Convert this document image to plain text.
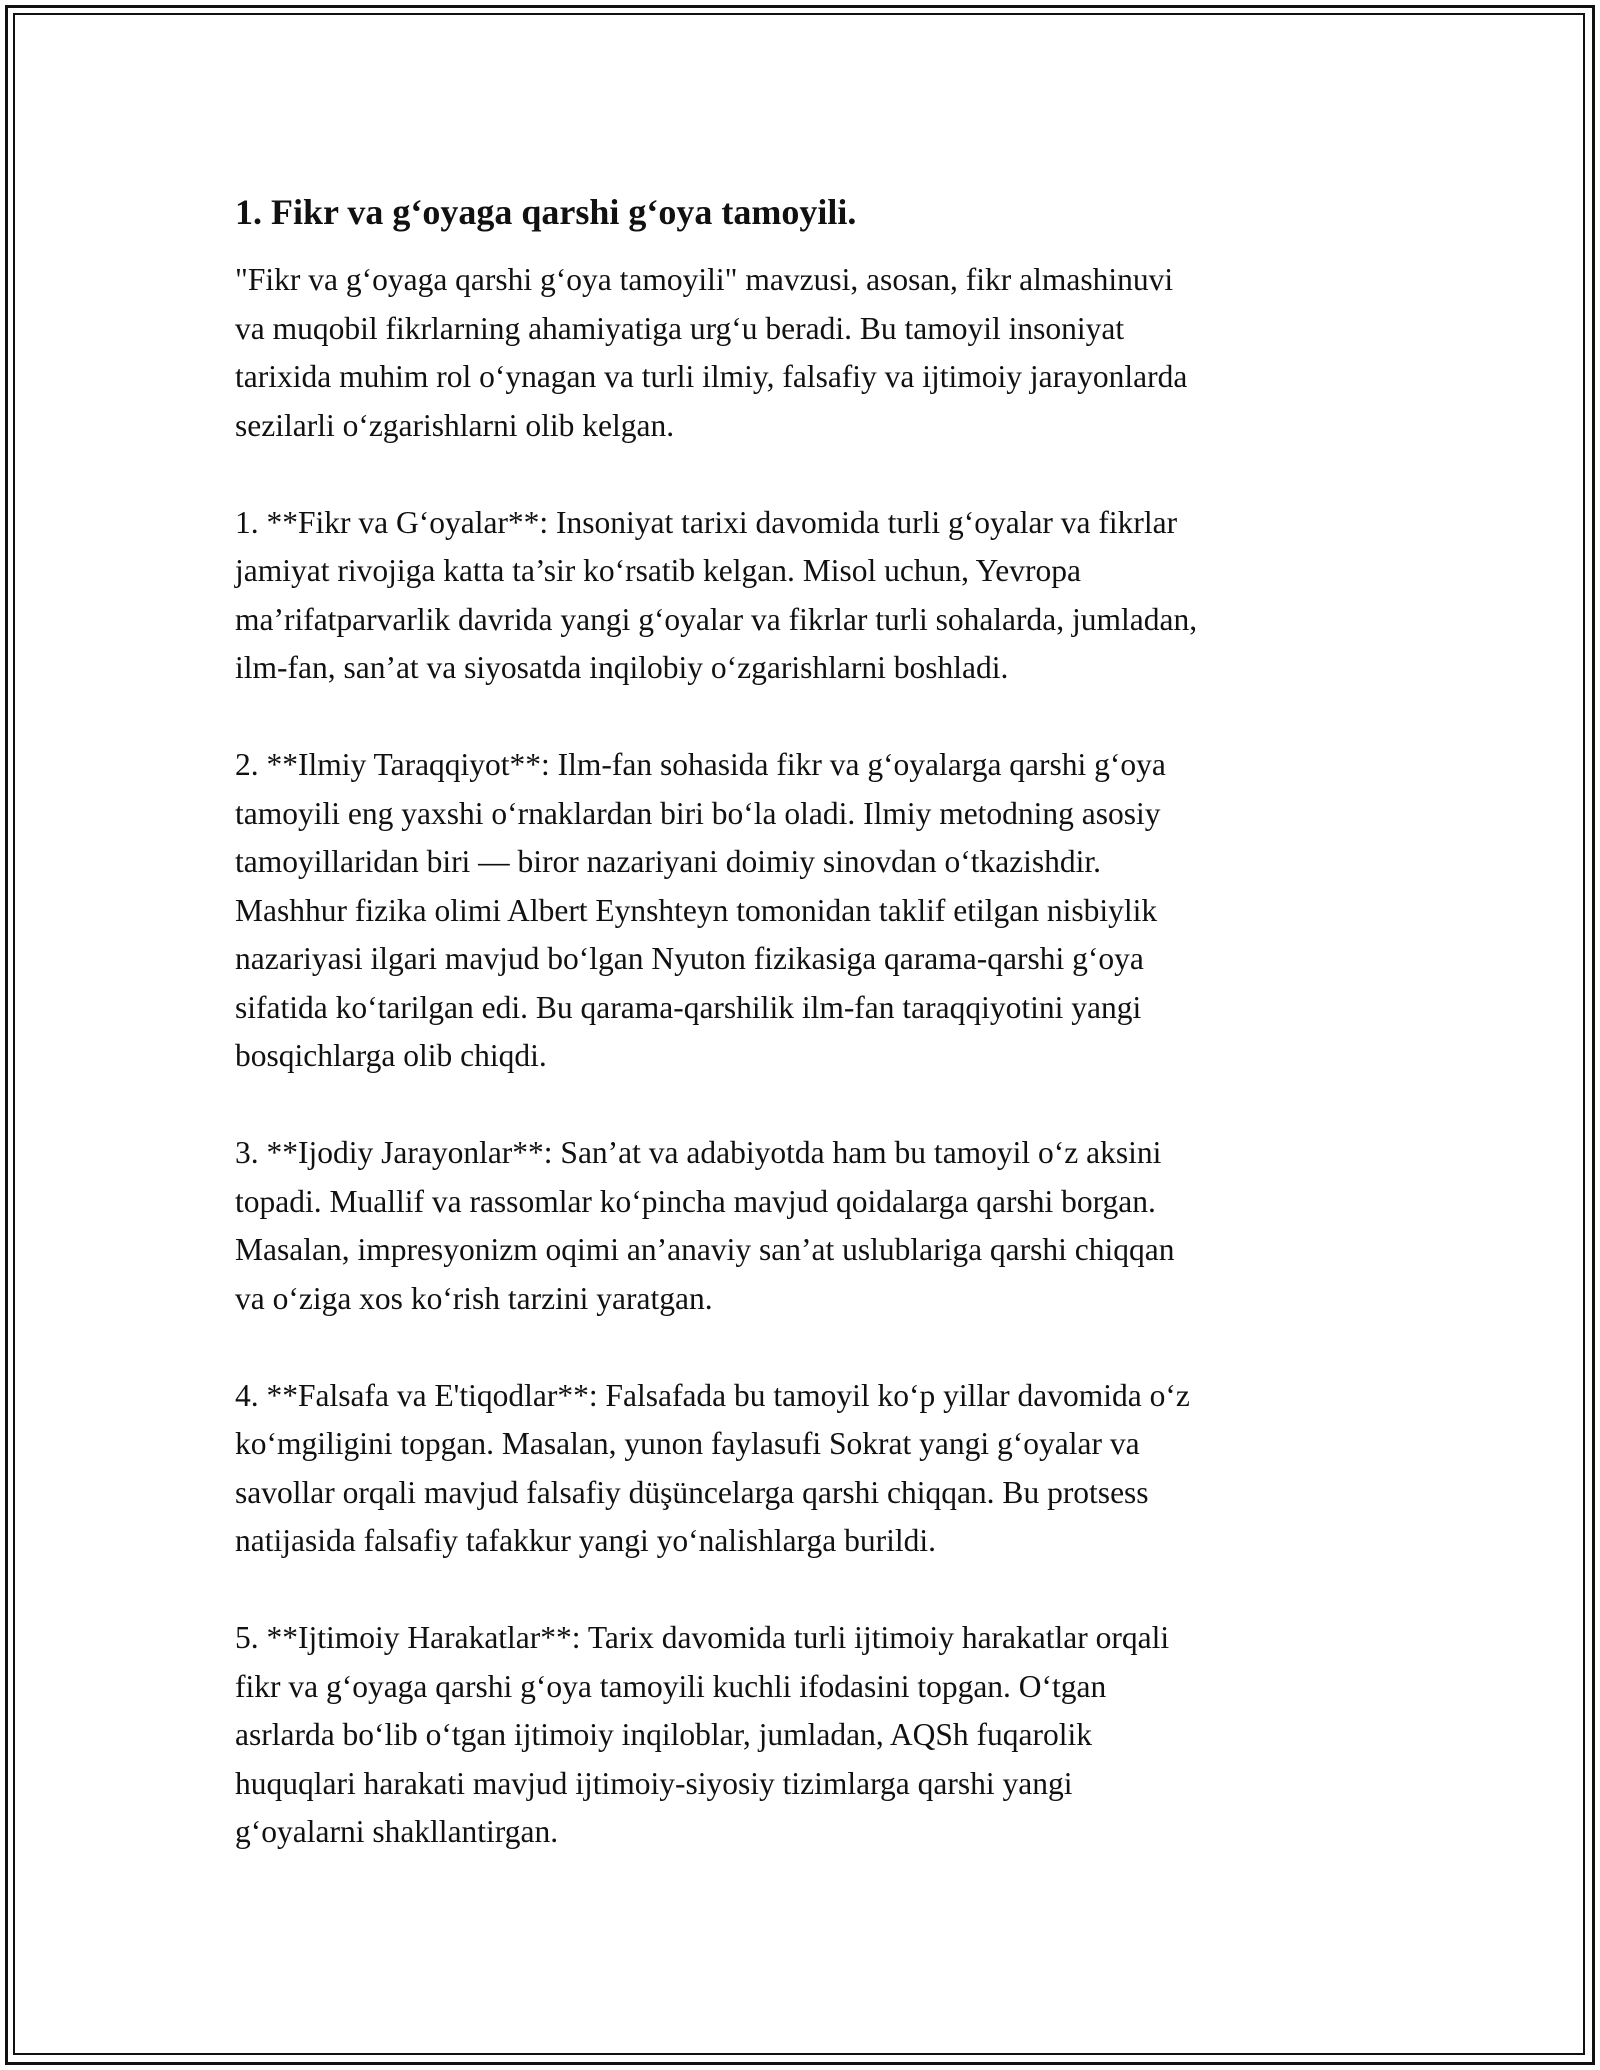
1. Fikr va g‘oyaga qarshi g‘oya tamoyili.

"Fikr va g‘oyaga qarshi g‘oya tamoyili" mavzusi, asosan, fikr almashinuvi
va muqobil fikrlarning ahamiyatiga urg‘u beradi. Bu tamoyil insoniyat
tarixida muhim rol o‘ynagan va turli ilmiy, falsafiy va ijtimoiy jarayonlarda
sezilarli o‘zgarishlarni olib kelgan.

1. **Fikr va G‘oyalar**: Insoniyat tarixi davomida turli g‘oyalar va fikrlar
jamiyat rivojiga katta ta’sir ko‘rsatib kelgan. Misol uchun, Yevropa
ma’rifatparvarlik davrida yangi g‘oyalar va fikrlar turli sohalarda, jumladan,
ilm-fan, san’at va siyosatda inqilobiy o‘zgarishlarni boshladi.

2. **Ilmiy Taraqqiyot**: Ilm-fan sohasida fikr va g‘oyalarga qarshi g‘oya
tamoyili eng yaxshi o‘rnaklardan biri bo‘la oladi. Ilmiy metodning asosiy
tamoyillaridan biri — biror nazariyani doimiy sinovdan o‘tkazishdir.
Mashhur fizika olimi Albert Eynshteyn tomonidan taklif etilgan nisbiylik
nazariyasi ilgari mavjud bo‘lgan Nyuton fizikasiga qarama-qarshi g‘oya
sifatida ko‘tarilgan edi. Bu qarama-qarshilik ilm-fan taraqqiyotini yangi
bosqichlarga olib chiqdi.

3. **Ijodiy Jarayonlar**: San’at va adabiyotda ham bu tamoyil o‘z aksini
topadi. Muallif va rassomlar ko‘pincha mavjud qoidalarga qarshi borgan.
Masalan, impresyonizm oqimi an’anaviy san’at uslublariga qarshi chiqqan
va o‘ziga xos ko‘rish tarzini yaratgan.

4. **Falsafa va E'tiqodlar**: Falsafada bu tamoyil ko‘p yillar davomida o‘z
ko‘mgiligini topgan. Masalan, yunon faylasufi Sokrat yangi g‘oyalar va
savollar orqali mavjud falsafiy düşüncelarga qarshi chiqqan. Bu protsess
natijasida falsafiy tafakkur yangi yo‘nalishlarga burildi.

5. **Ijtimoiy Harakatlar**: Tarix davomida turli ijtimoiy harakatlar orqali
fikr va g‘oyaga qarshi g‘oya tamoyili kuchli ifodasini topgan. O‘tgan
asrlarda bo‘lib o‘tgan ijtimoiy inqiloblar, jumladan, AQSh fuqarolik
huquqlari harakati mavjud ijtimoiy-siyosiy tizimlarga qarshi yangi
g‘oyalarni shakllantirgan.
